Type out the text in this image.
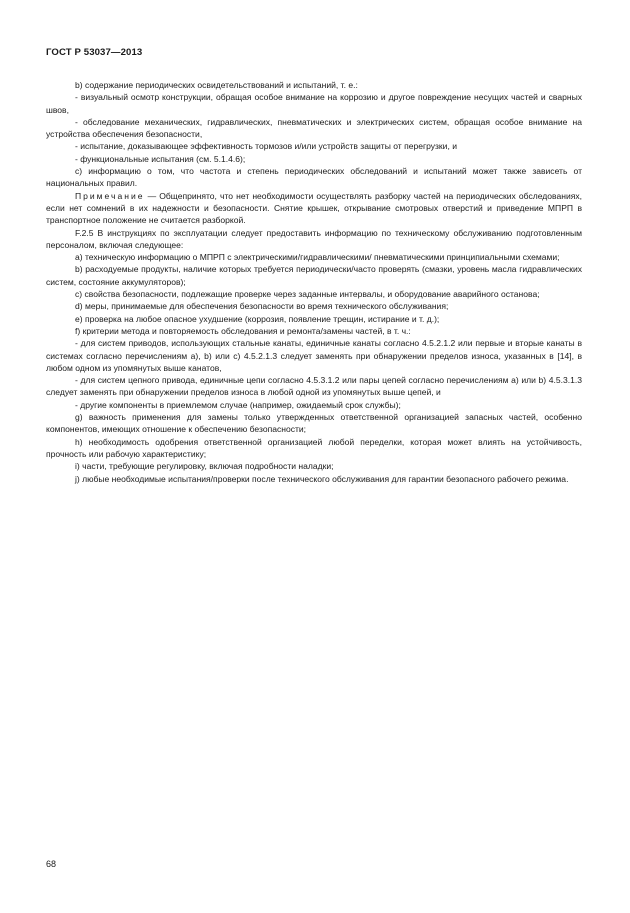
ГОСТ Р 53037—2013

b) содержание периодических освидетельствований и испытаний, т. е.:

- визуальный осмотр конструкции, обращая особое внимание на коррозию и другое повреждение несущих частей и сварных швов,

- обследование механических, гидравлических, пневматических и электрических систем, обращая особое внимание на устройства обеспечения безопасности,

- испытание, доказывающее эффективность тормозов и/или устройств защиты от перегрузки, и

- функциональные испытания (см. 5.1.4.6);

с) информацию о том, что частота и степень периодических обследований и испытаний может также зависеть от национальных правил.

Примечание — Общепринято, что нет необходимости осуществлять разборку частей на периодических обследованиях, если нет сомнений в их надежности и безопасности. Снятие крышек, открывание смотровых отверстий и приведение МПРП в транспортное положение не считается разборкой.

F.2.5 В инструкциях по эксплуатации следует предоставить информацию по техническому обслуживанию подготовленным персоналом, включая следующее:

а) техническую информацию о МПРП с электрическими/гидравлическими/ пневматическими принципиальными схемами;

b) расходуемые продукты, наличие которых требуется периодически/часто проверять (смазки, уровень масла гидравлических систем, состояние аккумуляторов);

с) свойства безопасности, подлежащие проверке через заданные интервалы, и оборудование аварийного останова;

d) меры, принимаемые для обеспечения безопасности во время технического обслуживания;

е) проверка на любое опасное ухудшение (коррозия, появление трещин, истирание и т. д.);

f) критерии метода и повторяемость обследования и ремонта/замены частей, в т. ч.:

- для систем приводов, использующих стальные канаты, единичные канаты согласно 4.5.2.1.2 или первые и вторые канаты в системах согласно перечислениям а), b) или с) 4.5.2.1.3 следует заменять при обнаружении пределов износа, указанных в [14], в любом одном из упомянутых выше канатов,

- для систем цепного привода, единичные цепи согласно 4.5.3.1.2 или пары цепей согласно перечислениям а) или b) 4.5.3.1.3 следует заменять при обнаружении пределов износа в любой одной из упомянутых выше цепей, и

- другие компоненты в приемлемом случае (например, ожидаемый срок службы);

g) важность применения для замены только утвержденных ответственной организацией запасных частей, особенно компонентов, имеющих отношение к обеспечению безопасности;

h) необходимость одобрения ответственной организацией любой переделки, которая может влиять на устойчивость, прочность или рабочую характеристику;

i) части, требующие регулировку, включая подробности наладки;

j) любые необходимые испытания/проверки после технического обслуживания для гарантии безопасного рабочего режима.

68
